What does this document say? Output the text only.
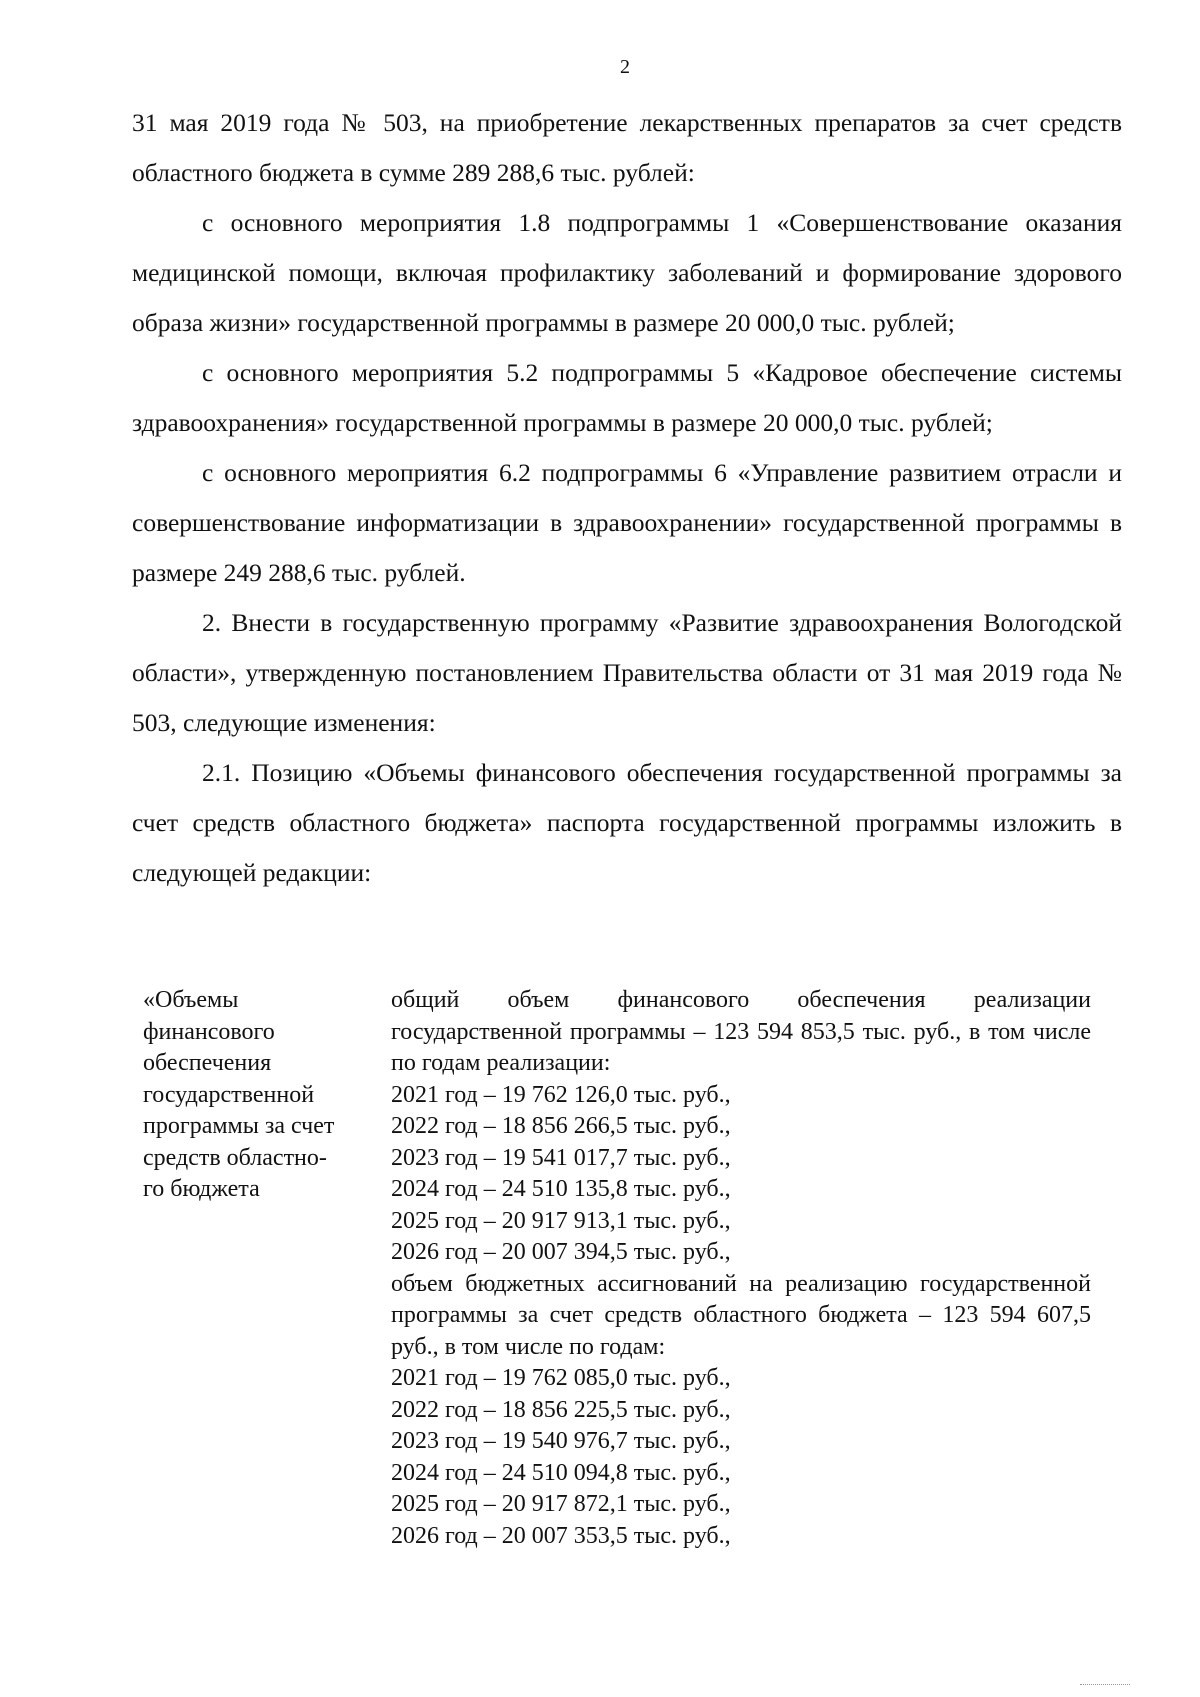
2

31 мая 2019 года № 503, на приобретение лекарственных препаратов за счет средств областного бюджета в сумме 289 288,6 тыс. рублей:

с основного мероприятия 1.8 подпрограммы 1 «Совершенствование оказания медицинской помощи, включая профилактику заболеваний и формирование здорового образа жизни» государственной программы в размере 20 000,0 тыс. рублей;

с основного мероприятия 5.2 подпрограммы 5 «Кадровое обеспечение системы здравоохранения» государственной программы в размере 20 000,0 тыс. рублей;

с основного мероприятия 6.2 подпрограммы 6 «Управление развитием отрасли и совершенствование информатизации в здравоохранении» государственной программы в размере 249 288,6 тыс. рублей.

2. Внести в государственную программу «Развитие здравоохранения Вологодской области», утвержденную постановлением Правительства области от 31 мая 2019 года № 503, следующие изменения:

2.1. Позицию «Объемы финансового обеспечения государственной программы за счет средств областного бюджета» паспорта государственной программы изложить в следующей редакции:

«Объемы
финансового
обеспечения
государственной
программы за счет
средств областно-
го бюджета
общий объем финансового обеспечения реализации государственной программы – 123 594 853,5 тыс. руб., в том числе по годам реализации:
2021 год – 19 762 126,0 тыс. руб.,
2022 год – 18 856 266,5 тыс. руб.,
2023 год – 19 541 017,7 тыс. руб.,
2024 год – 24 510 135,8 тыс. руб.,
2025 год – 20 917 913,1 тыс. руб.,
2026 год – 20 007 394,5 тыс. руб.,
объем бюджетных ассигнований на реализацию государственной программы за счет средств областного бюджета – 123 594 607,5 руб., в том числе по годам:
2021 год – 19 762 085,0 тыс. руб.,
2022 год – 18 856 225,5 тыс. руб.,
2023 год – 19 540 976,7 тыс. руб.,
2024 год – 24 510 094,8 тыс. руб.,
2025 год – 20 917 872,1 тыс. руб.,
2026 год – 20 007 353,5 тыс. руб.,
